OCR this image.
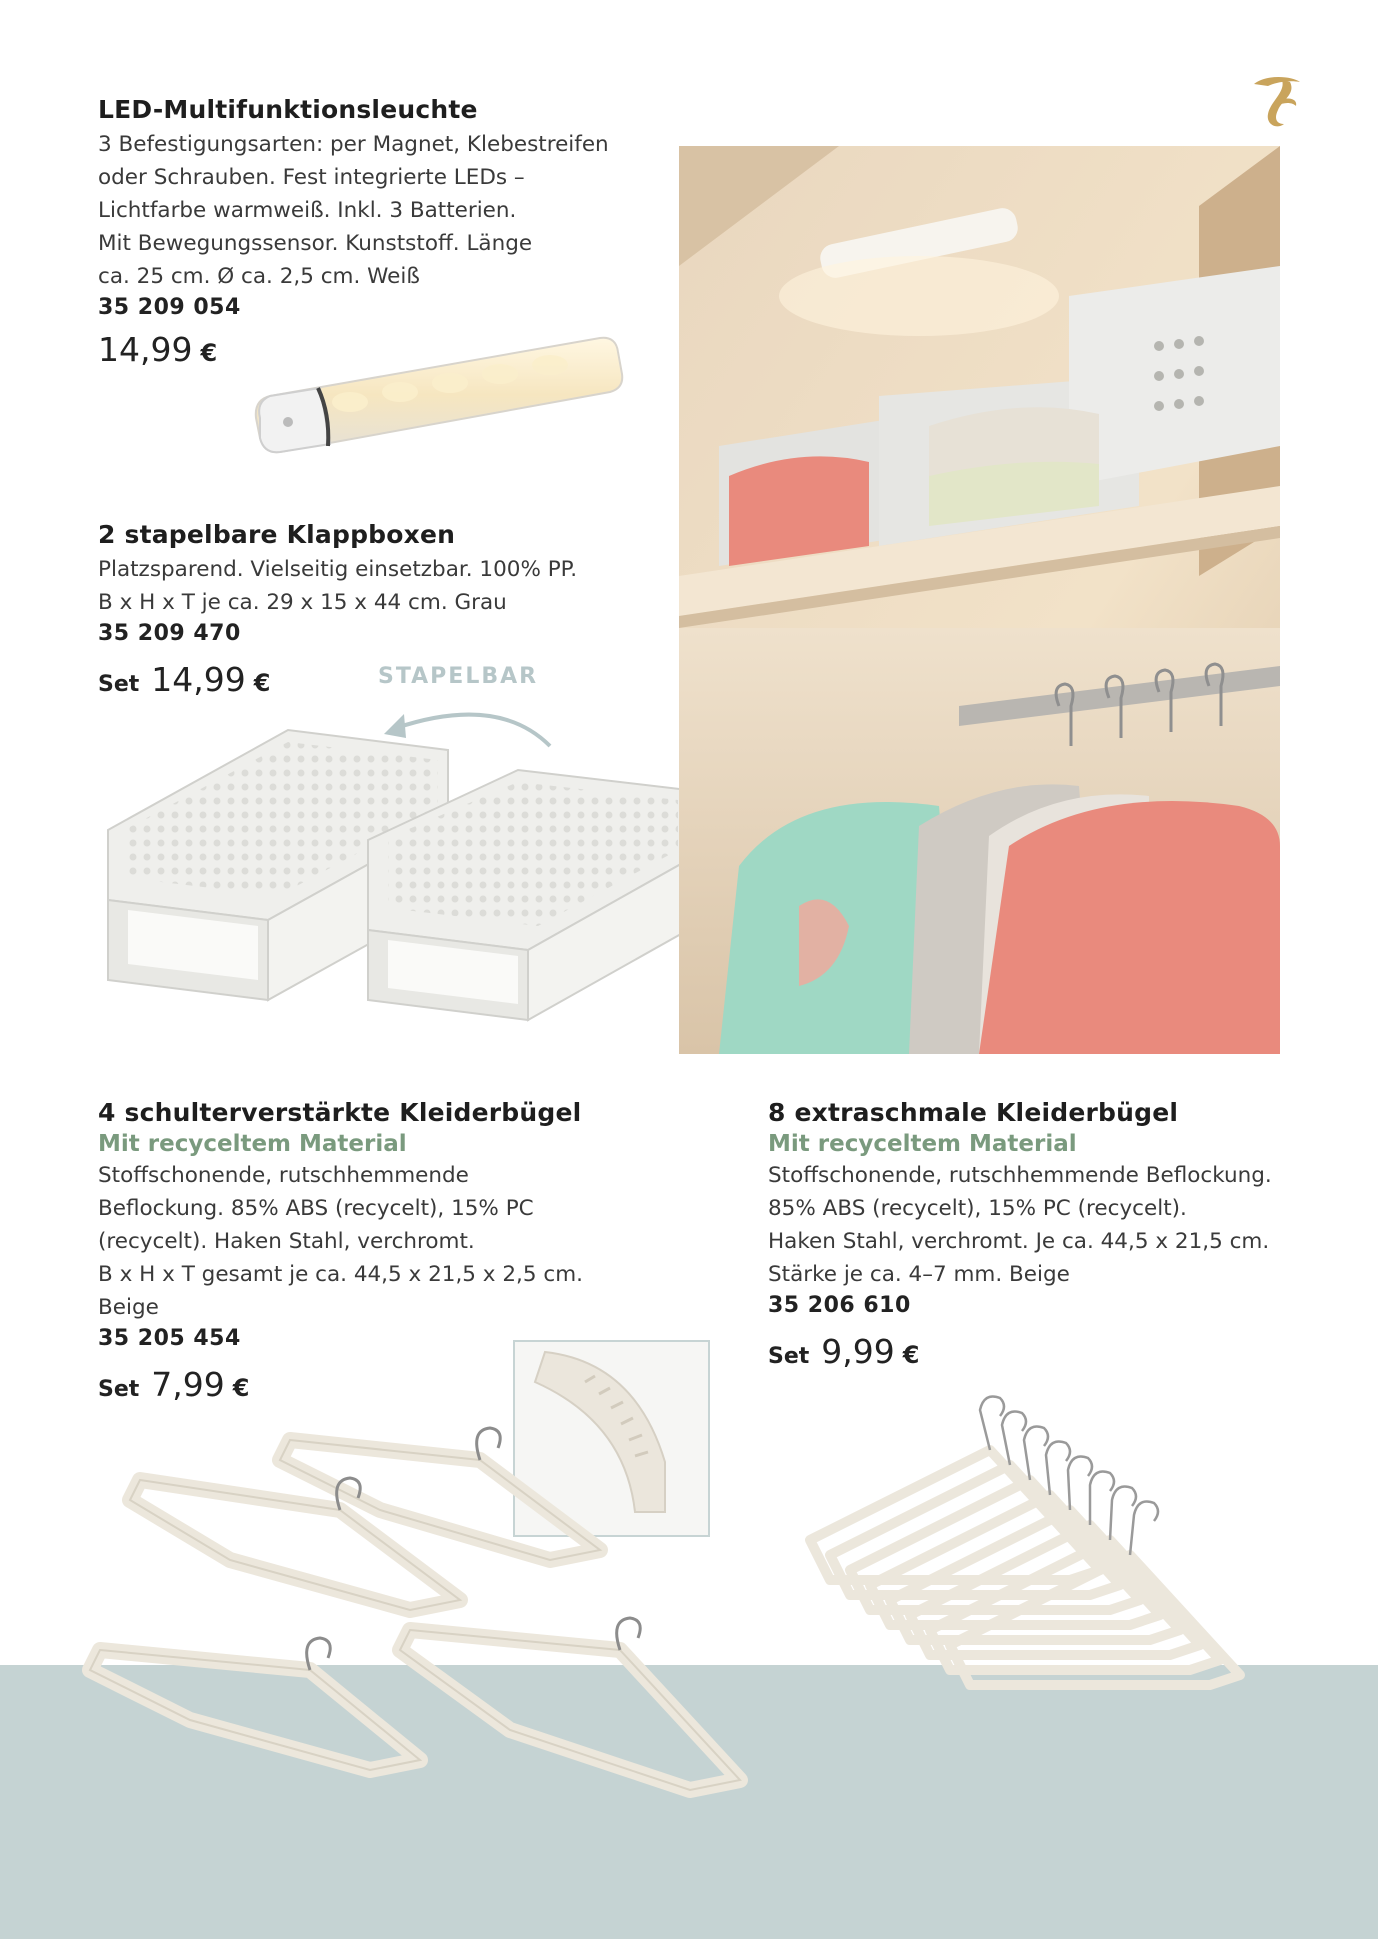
LED-Multifunktionsleuchte

3 Befestigungsarten: per Magnet, Klebestreifen
oder Schrauben. Fest integrierte LEDs –
Lichtfarbe warmweiß. Inkl. 3 Batterien.
Mit Bewegungssensor. Kunststoff. Länge
ca. 25 cm. Ø ca. 2,5 cm. Weiß

35 209 054

14,99 €

2 stapelbare Klappboxen

Platzsparend. Vielseitig einsetzbar. 100% PP.
B x H x T je ca. 29 x 15 x 44 cm. Grau

35 209 470

Set 14,99 €	STAPELBAR

4 schulterverstärkte Kleiderbügel

Mit recyceltem Material

Stoffschonende, rutschhemmende
Beflockung. 85% ABS (recycelt), 15% PC
(recycelt). Haken Stahl, verchromt.
B x H x T gesamt je ca. 44,5 x 21,5 x 2,5 cm.
Beige

35 205 454

Set 7,99 €

8 extraschmale Kleiderbügel

Mit recyceltem Material

Stoffschonende, rutschhemmende Beflockung.
85% ABS (recycelt), 15% PC (recycelt).
Haken Stahl, verchromt. Je ca. 44,5 x 21,5 cm.
Stärke je ca. 4–7 mm. Beige

35 206 610

Set 9,99 €
